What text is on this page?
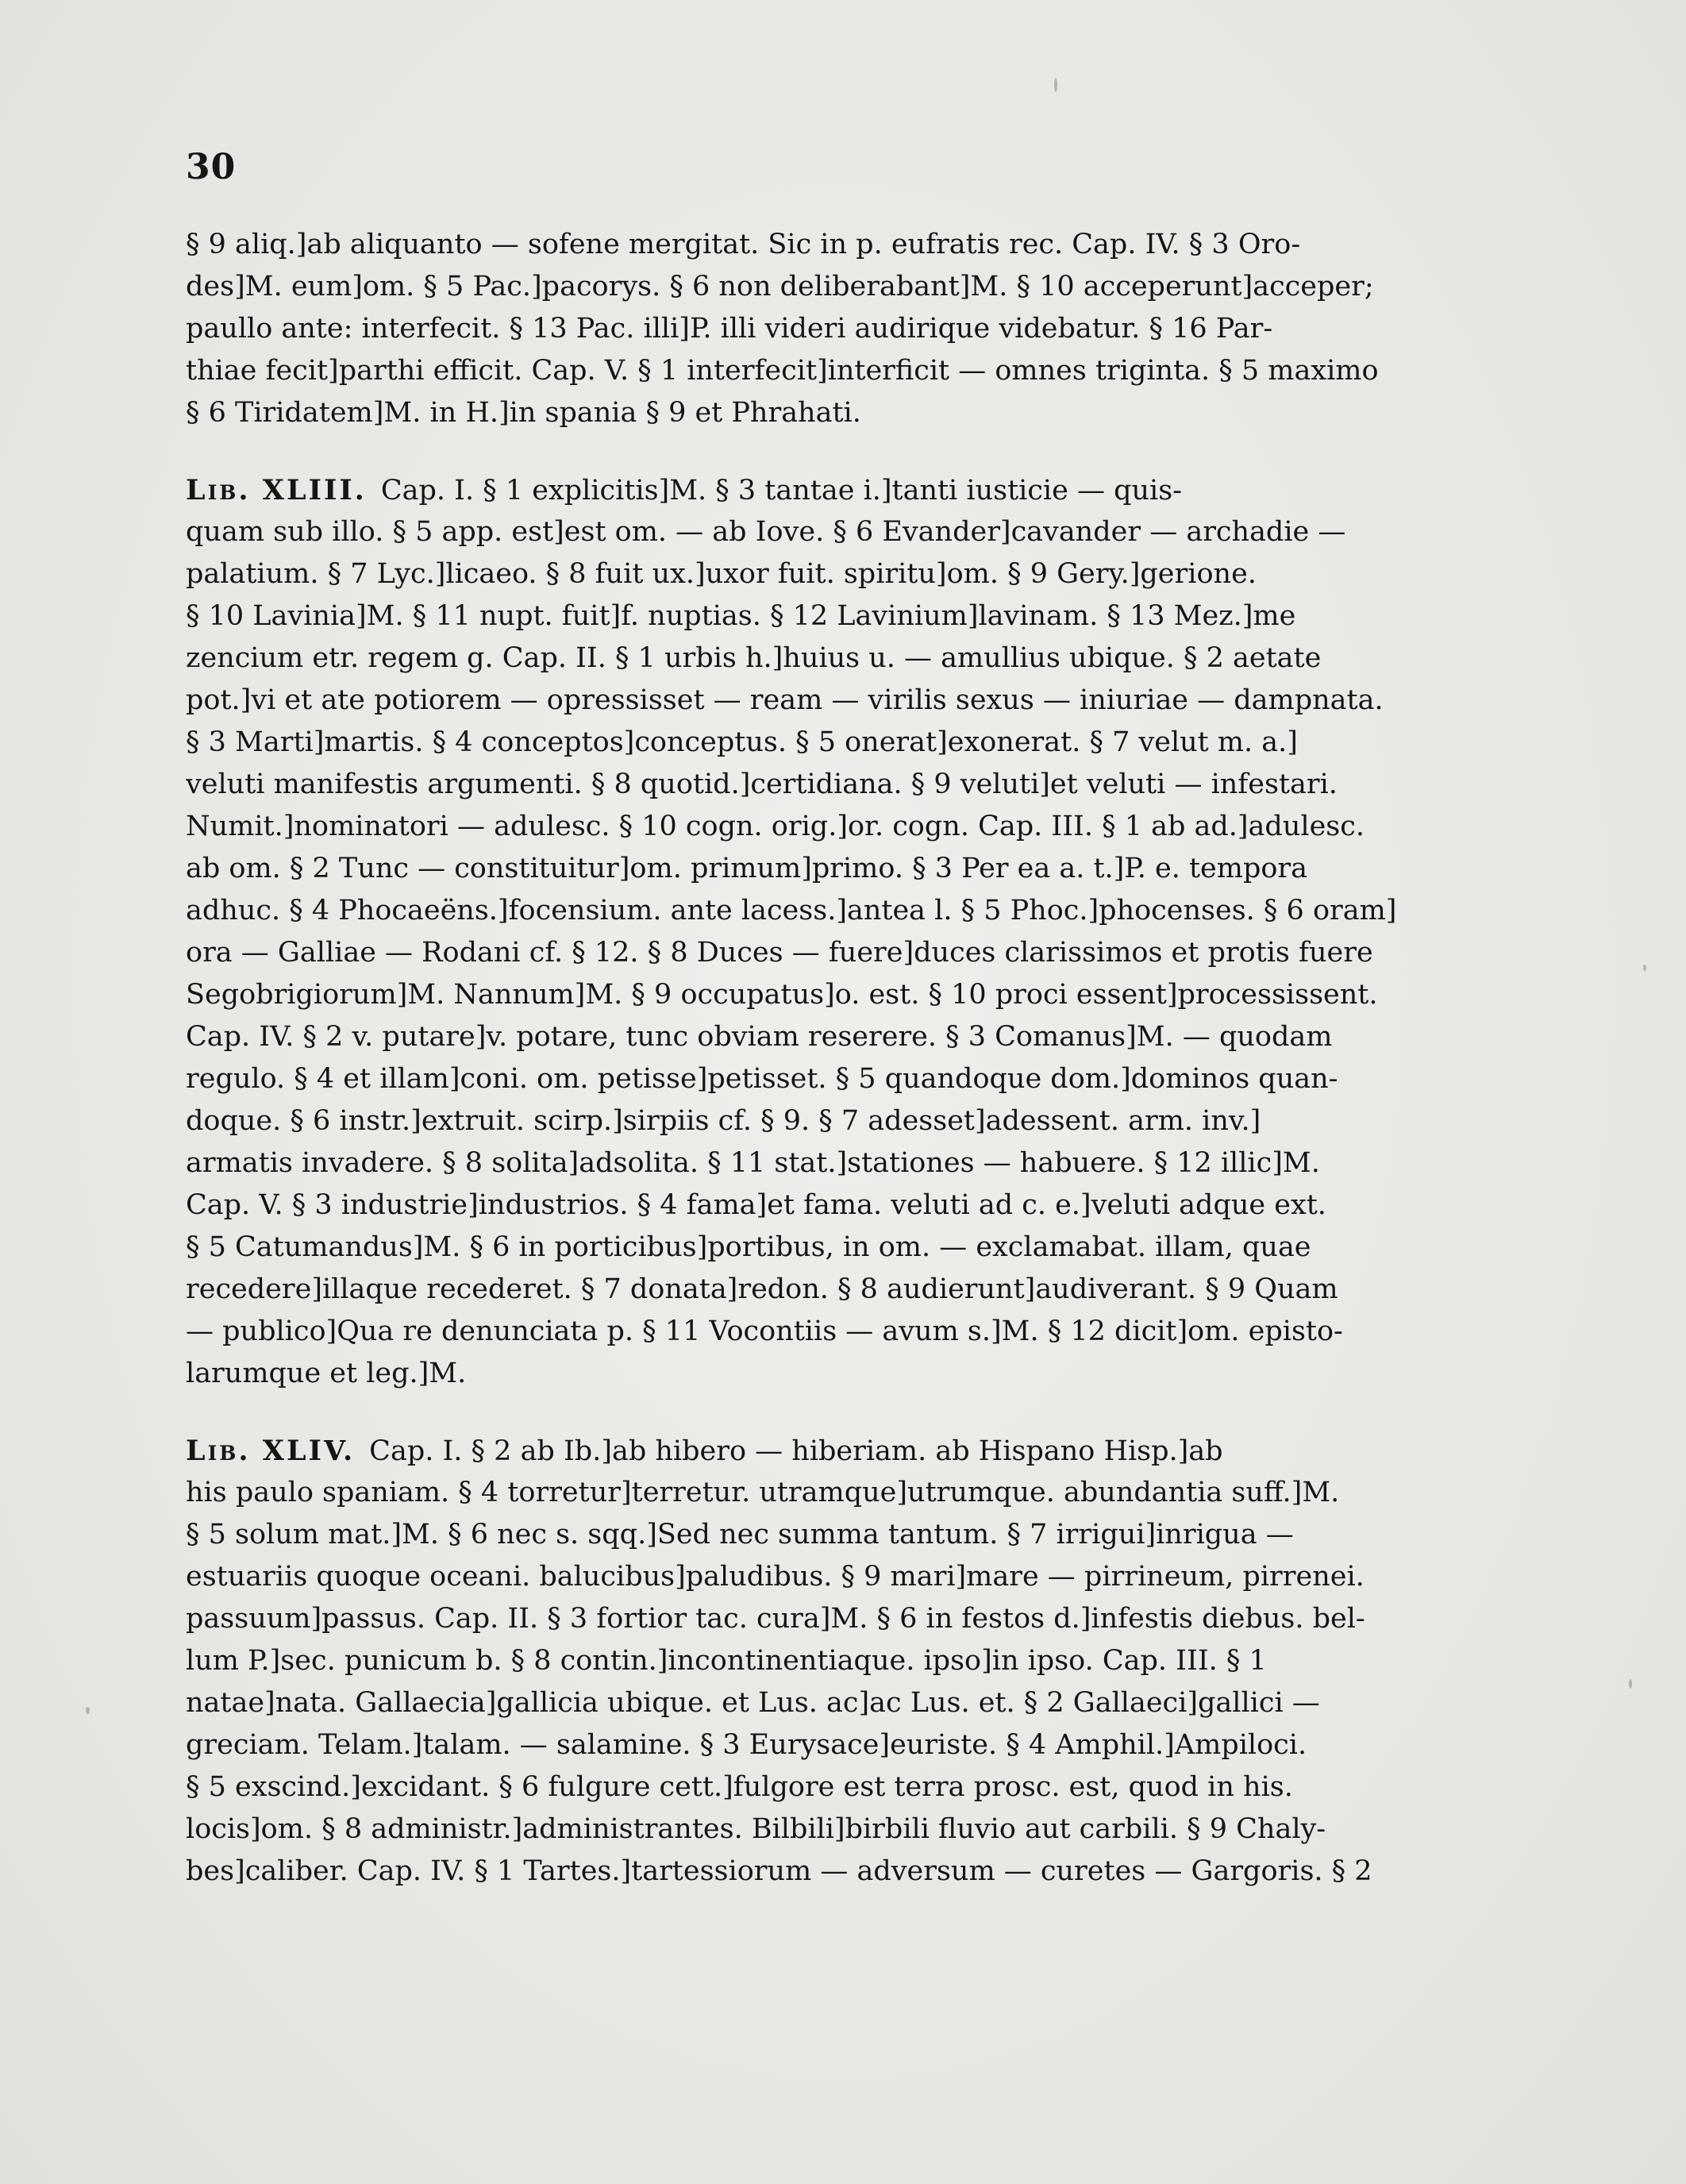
30
§ 9 aliq.]ab aliquanto — sofene mergitat. Sic in p. eufratis rec. Cap. IV. § 3 Oro-
des]M. eum]om. § 5 Pac.]pacorys. § 6 non deliberabant]M. § 10 acceperunt]acceper;
paullo ante: interfecit. § 13 Pac. illi]P. illi videri audirique videbatur. § 16 Par-
thiae fecit]parthi efficit. Cap. V. § 1 interfecit]interficit — omnes triginta. § 5 maximo
§ 6 Tiridatem]M. in H.]in spania § 9 et Phrahati.
Lib. XLIII. Cap. I. § 1 explicitis]M. § 3 tantae i.]tanti iusticie — quis-
quam sub illo. § 5 app. est]est om. — ab Iove. § 6 Evander]cavander — archadie —
palatium. § 7 Lyc.]licaeo. § 8 fuit ux.]uxor fuit. spiritu]om. § 9 Gery.]gerione.
§ 10 Lavinia]M. § 11 nupt. fuit]f. nuptias. § 12 Lavinium]lavinam. § 13 Mez.]me
zencium etr. regem g. Cap. II. § 1 urbis h.]huius u. — amullius ubique. § 2 aetate
pot.]vi et ate potiorem — opressisset — ream — virilis sexus — iniuriae — dampnata.
§ 3 Marti]martis. § 4 conceptos]conceptus. § 5 onerat]exonerat. § 7 velut m. a.]
veluti manifestis argumenti. § 8 quotid.]certidiana. § 9 veluti]et veluti — infestari.
Numit.]nominatori — adulesc. § 10 cogn. orig.]or. cogn. Cap. III. § 1 ab ad.]adulesc.
ab om. § 2 Tunc — constituitur]om. primum]primo. § 3 Per ea a. t.]P. e. tempora
adhuc. § 4 Phocaeëns.]focensium. ante lacess.]antea l. § 5 Phoc.]phocenses. § 6 oram]
ora — Galliae — Rodani cf. § 12. § 8 Duces — fuere]duces clarissimos et protis fuere
Segobrigiorum]M. Nannum]M. § 9 occupatus]o. est. § 10 proci essent]processissent.
Cap. IV. § 2 v. putare]v. potare, tunc obviam reserere. § 3 Comanus]M. — quodam
regulo. § 4 et illam]coni. om. petisse]petisset. § 5 quandoque dom.]dominos quan-
doque. § 6 instr.]extruit. scirp.]sirpiis cf. § 9. § 7 adesset]adessent. arm. inv.]
armatis invadere. § 8 solita]adsolita. § 11 stat.]stationes — habuere. § 12 illic]M.
Cap. V. § 3 industrie]industrios. § 4 fama]et fama. veluti ad c. e.]veluti adque ext.
§ 5 Catumandus]M. § 6 in porticibus]portibus, in om. — exclamabat. illam, quae
recedere]illaque recederet. § 7 donata]redon. § 8 audierunt]audiverant. § 9 Quam
— publico]Qua re denunciata p. § 11 Vocontiis — avum s.]M. § 12 dicit]om. episto-
larumque et leg.]M.
Lib. XLIV. Cap. I. § 2 ab Ib.]ab hibero — hiberiam. ab Hispano Hisp.]ab
his paulo spaniam. § 4 torretur]terretur. utramque]utrumque. abundantia suff.]M.
§ 5 solum mat.]M. § 6 nec s. sqq.]Sed nec summa tantum. § 7 irrigui]inrigua —
estuariis quoque oceani. balucibus]paludibus. § 9 mari]mare — pirrineum, pirrenei.
passuum]passus. Cap. II. § 3 fortior tac. cura]M. § 6 in festos d.]infestis diebus. bel-
lum P.]sec. punicum b. § 8 contin.]incontinentiaque. ipso]in ipso. Cap. III. § 1
natae]nata. Gallaecia]gallicia ubique. et Lus. ac]ac Lus. et. § 2 Gallaeci]gallici —
greciam. Telam.]talam. — salamine. § 3 Eurysace]euriste. § 4 Amphil.]Ampiloci.
§ 5 exscind.]excidant. § 6 fulgure cett.]fulgore est terra prosc. est, quod in his.
locis]om. § 8 administr.]administrantes. Bilbili]birbili fluvio aut carbili. § 9 Chaly-
bes]caliber. Cap. IV. § 1 Tartes.]tartessiorum — adversum — curetes — Gargoris. § 2
